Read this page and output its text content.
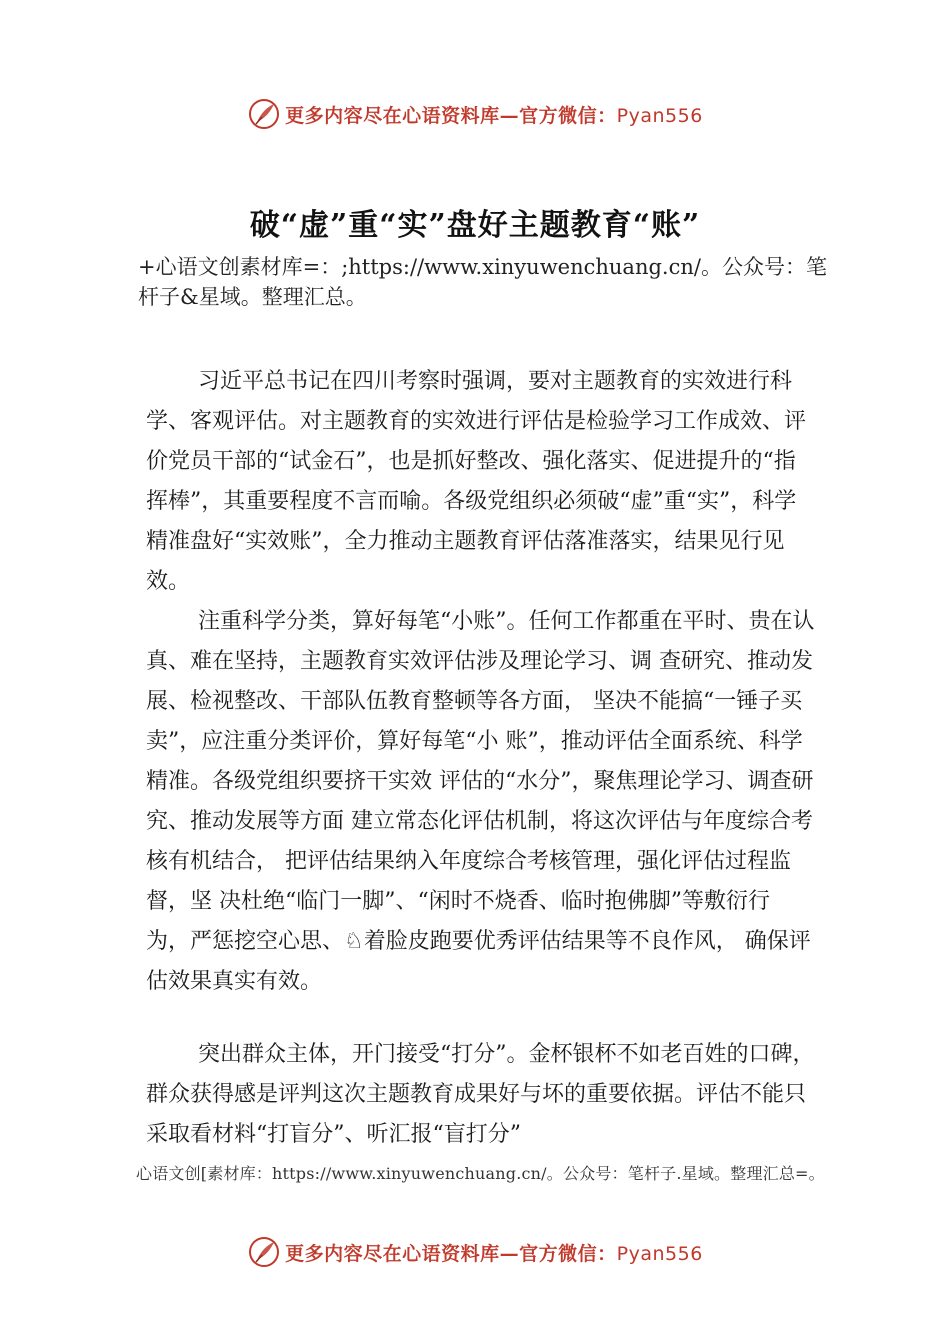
更多内容尽在心语资料库—官方微信：Pyan556
破“虚”重“实”盘好主题教育“账”
+心语文创素材库=：;https://www.xinyuwenchuang.cn/。公众号：笔杆子&星域。整理汇总。
习近平总书记在四川考察时强调，要对主题教育的实效进行科学、客观评估。对主题教育的实效进行评估是检验学习工作成效、评价党员干部的“试金石”，也是抓好整改、强化落实、促进提升的“指挥棒”，其重要程度不言而喻。各级党组织必须破“虚”重“实”，科学精准盘好“实效账”，全力推动主题教育评估落准落实，结果见行见效。
注重科学分类，算好每笔“小账”。任何工作都重在平时、贵在认真、难在坚持，主题教育实效评估涉及理论学习、调 查研究、推动发展、检视整改、干部队伍教育整顿等各方面， 坚决不能搞“一锤子买卖”，应注重分类评价，算好每笔“小 账”，推动评估全面系统、科学精准。各级党组织要挤干实效 评估的“水分”，聚焦理论学习、调查研究、推动发展等方面 建立常态化评估机制，将这次评估与年度综合考核有机结合， 把评估结果纳入年度综合考核管理，强化评估过程监督，坚 决杜绝“临门一脚”、“闲时不烧香、临时抱佛脚”等敷衍行 为，严惩挖空心思、♘着脸皮跑要优秀评估结果等不良作风， 确保评估效果真实有效。
突出群众主体，开门接受“打分”。金杯银杯不如老百姓的口碑，群众获得感是评判这次主题教育成果好与坏的重要依据。评估不能只采取看材料“打盲分”、听汇报“盲打分”
心语文创[素材库：https://www.xinyuwenchuang.cn/。公众号：笔杆子.星域。整理汇总=。
更多内容尽在心语资料库—官方微信：Pyan556
